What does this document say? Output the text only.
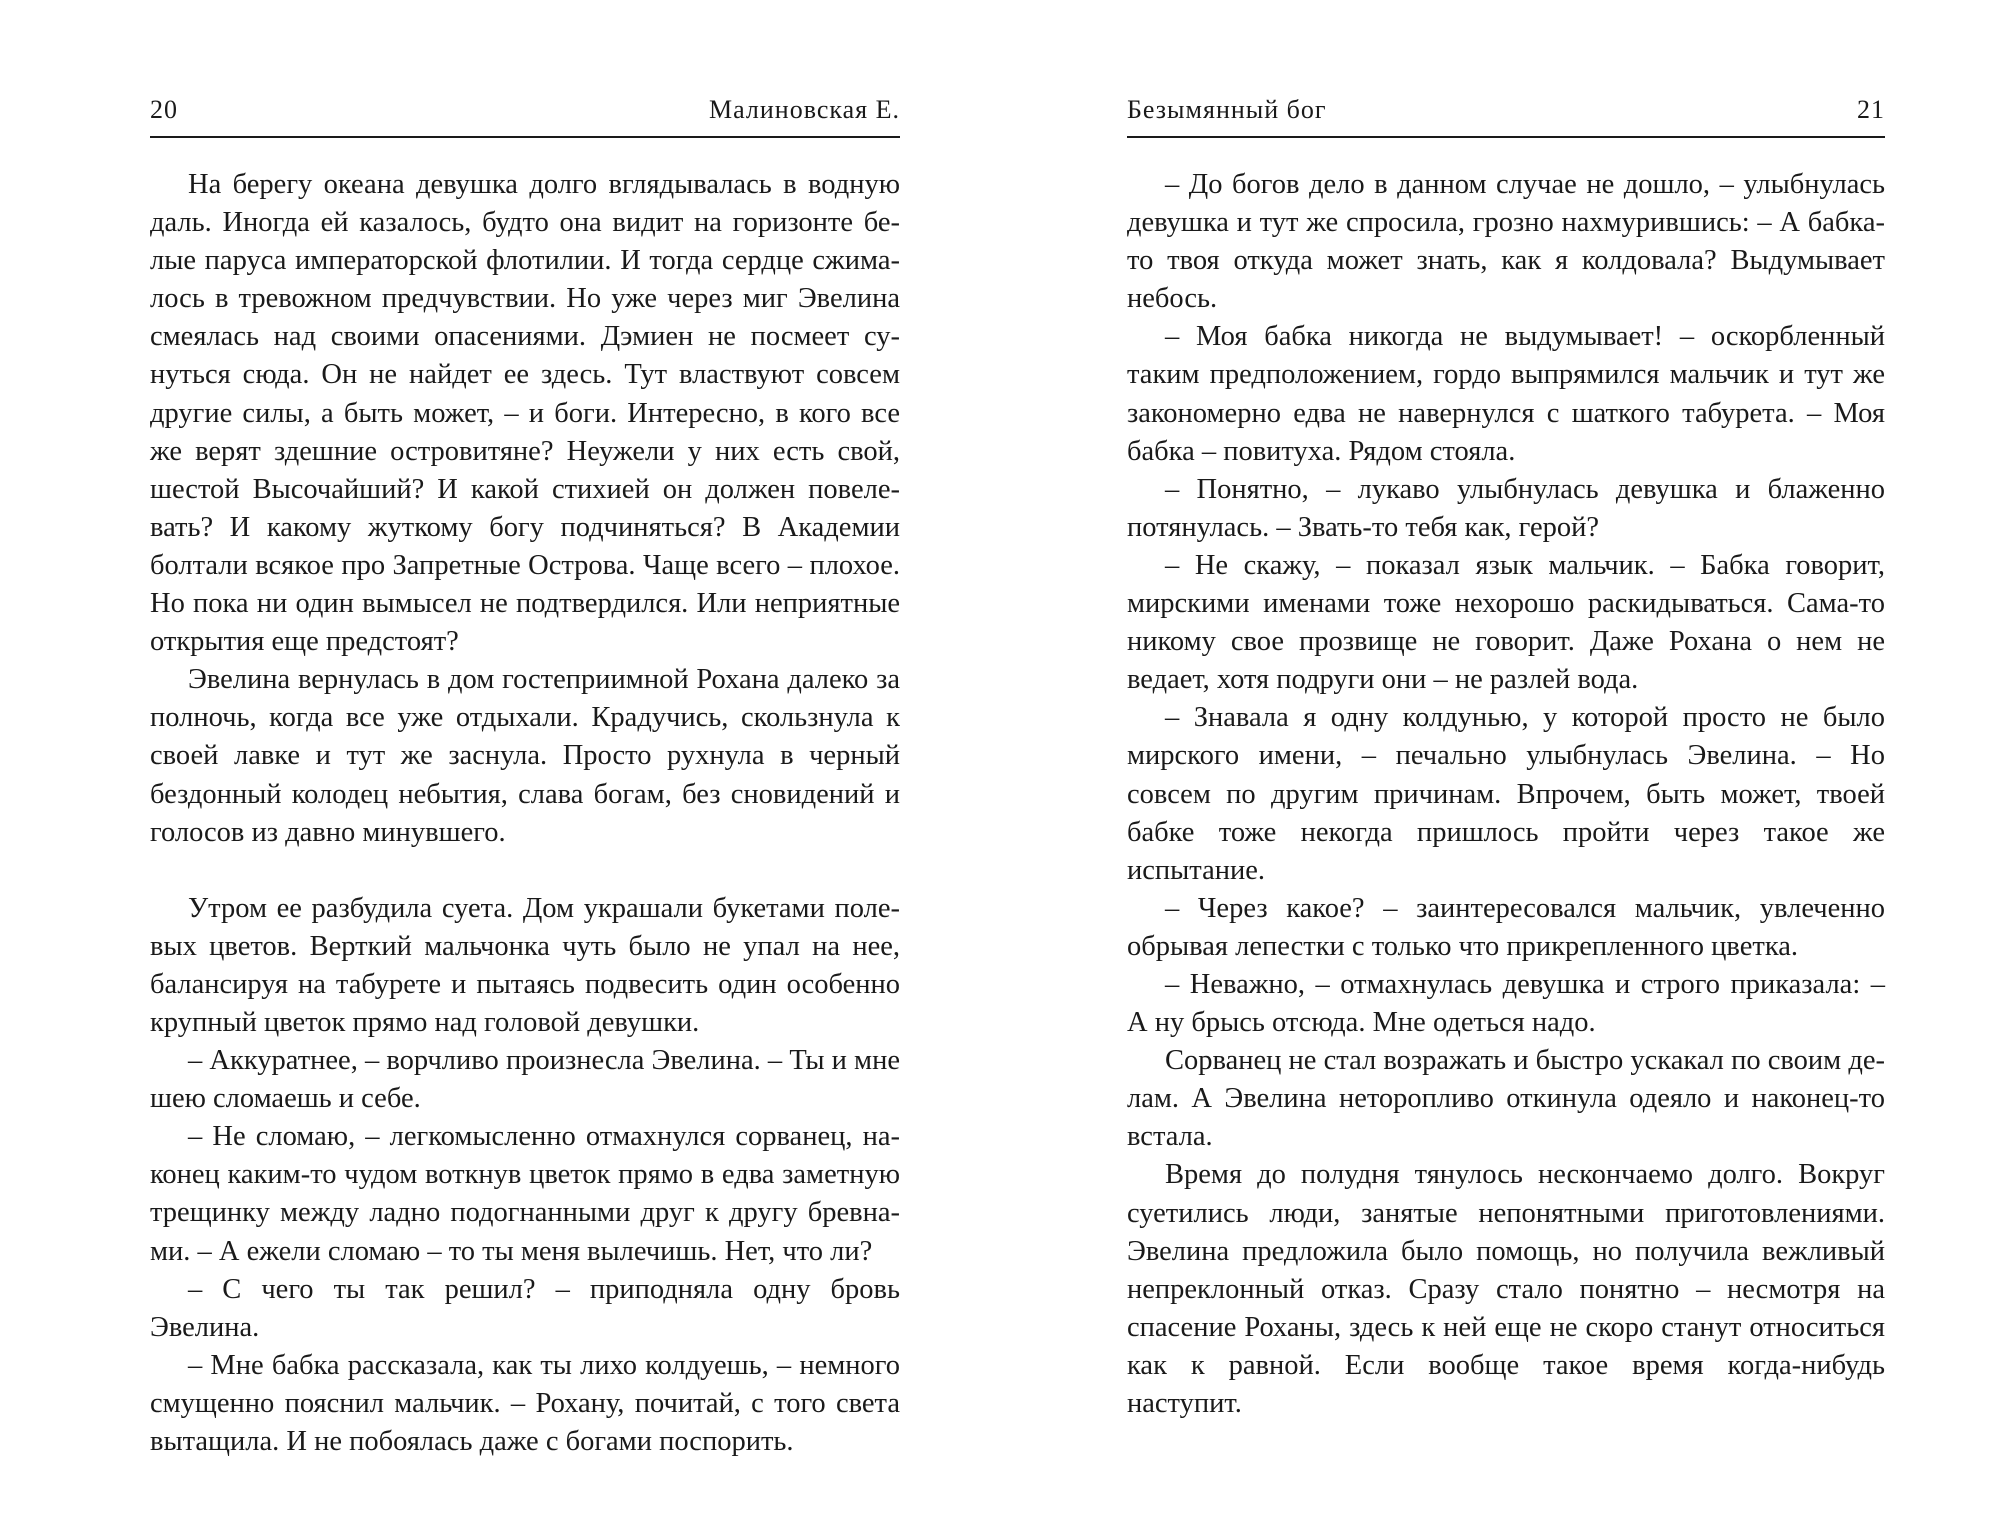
20	Малиновская Е.

На берегу океана девушка долго вглядывалась в водную даль. Иногда ей казалось, будто она видит на горизонте белые паруса императорской флотилии. И тогда сердце сжималось в тревожном предчувствии. Но уже через миг Эвелина смеялась над своими опасениями. Дэмиен не посмеет сунуться сюда. Он не найдет ее здесь. Тут властвуют совсем другие силы, а быть может, – и боги. Интересно, в кого все же верят здешние островитяне? Неужели у них есть свой, шестой Высочайший? И какой стихией он должен повелевать? И какому жуткому богу подчиняться? В Академии болтали всякое про Запретные Острова. Чаще всего – плохое. Но пока ни один вымысел не подтвердился. Или неприятные открытия еще предстоят?

Эвелина вернулась в дом гостеприимной Рохана далеко за полночь, когда все уже отдыхали. Крадучись, скользнула к своей лавке и тут же заснула. Просто рухнула в черный бездонный колодец небытия, слава богам, без сновидений и голосов из давно минувшего.

Утром ее разбудила суета. Дом украшали букетами полевых цветов. Верткий мальчонка чуть было не упал на нее, балансируя на табурете и пытаясь подвесить один особенно крупный цветок прямо над головой девушки.

– Аккуратнее, – ворчливо произнесла Эвелина. – Ты и мне шею сломаешь и себе.

– Не сломаю, – легкомысленно отмахнулся сорванец, наконец каким-то чудом воткнув цветок прямо в едва заметную трещинку между ладно подогнанными друг к другу бревнами. – А ежели сломаю – то ты меня вылечишь. Нет, что ли?

– С чего ты так решил? – приподняла одну бровь Эвелина.

– Мне бабка рассказала, как ты лихо колдуешь, – немного смущенно пояснил мальчик. – Рохану, почитай, с того света вытащила. И не побоялась даже с богами поспорить.

Безымянный бог	21

– До богов дело в данном случае не дошло, – улыбнулась девушка и тут же спросила, грозно нахмурившись: – А бабка-то твоя откуда может знать, как я колдовала? Выдумывает небось.

– Моя бабка никогда не выдумывает! – оскорбленный таким предположением, гордо выпрямился мальчик и тут же закономерно едва не навернулся с шаткого табурета. – Моя бабка – повитуха. Рядом стояла.

– Понятно, – лукаво улыбнулась девушка и блаженно потянулась. – Звать-то тебя как, герой?

– Не скажу, – показал язык мальчик. – Бабка говорит, мирскими именами тоже нехорошо раскидываться. Сама-то никому свое прозвище не говорит. Даже Рохана о нем не ведает, хотя подруги они – не разлей вода.

– Знавала я одну колдунью, у которой просто не было мирского имени, – печально улыбнулась Эвелина. – Но совсем по другим причинам. Впрочем, быть может, твоей бабке тоже некогда пришлось пройти через такое же испытание.

– Через какое? – заинтересовался мальчик, увлеченно обрывая лепестки с только что прикрепленного цветка.

– Неважно, – отмахнулась девушка и строго приказала: – А ну брысь отсюда. Мне одеться надо.

Сорванец не стал возражать и быстро ускакал по своим делам. А Эвелина неторопливо откинула одеяло и наконец-то встала.

Время до полудня тянулось нескончаемо долго. Вокруг суетились люди, занятые непонятными приготовлениями. Эвелина предложила было помощь, но получила вежливый непреклонный отказ. Сразу стало понятно – несмотря на спасение Роханы, здесь к ней еще не скоро станут относиться как к равной. Если вообще такое время когда-нибудь наступит.
